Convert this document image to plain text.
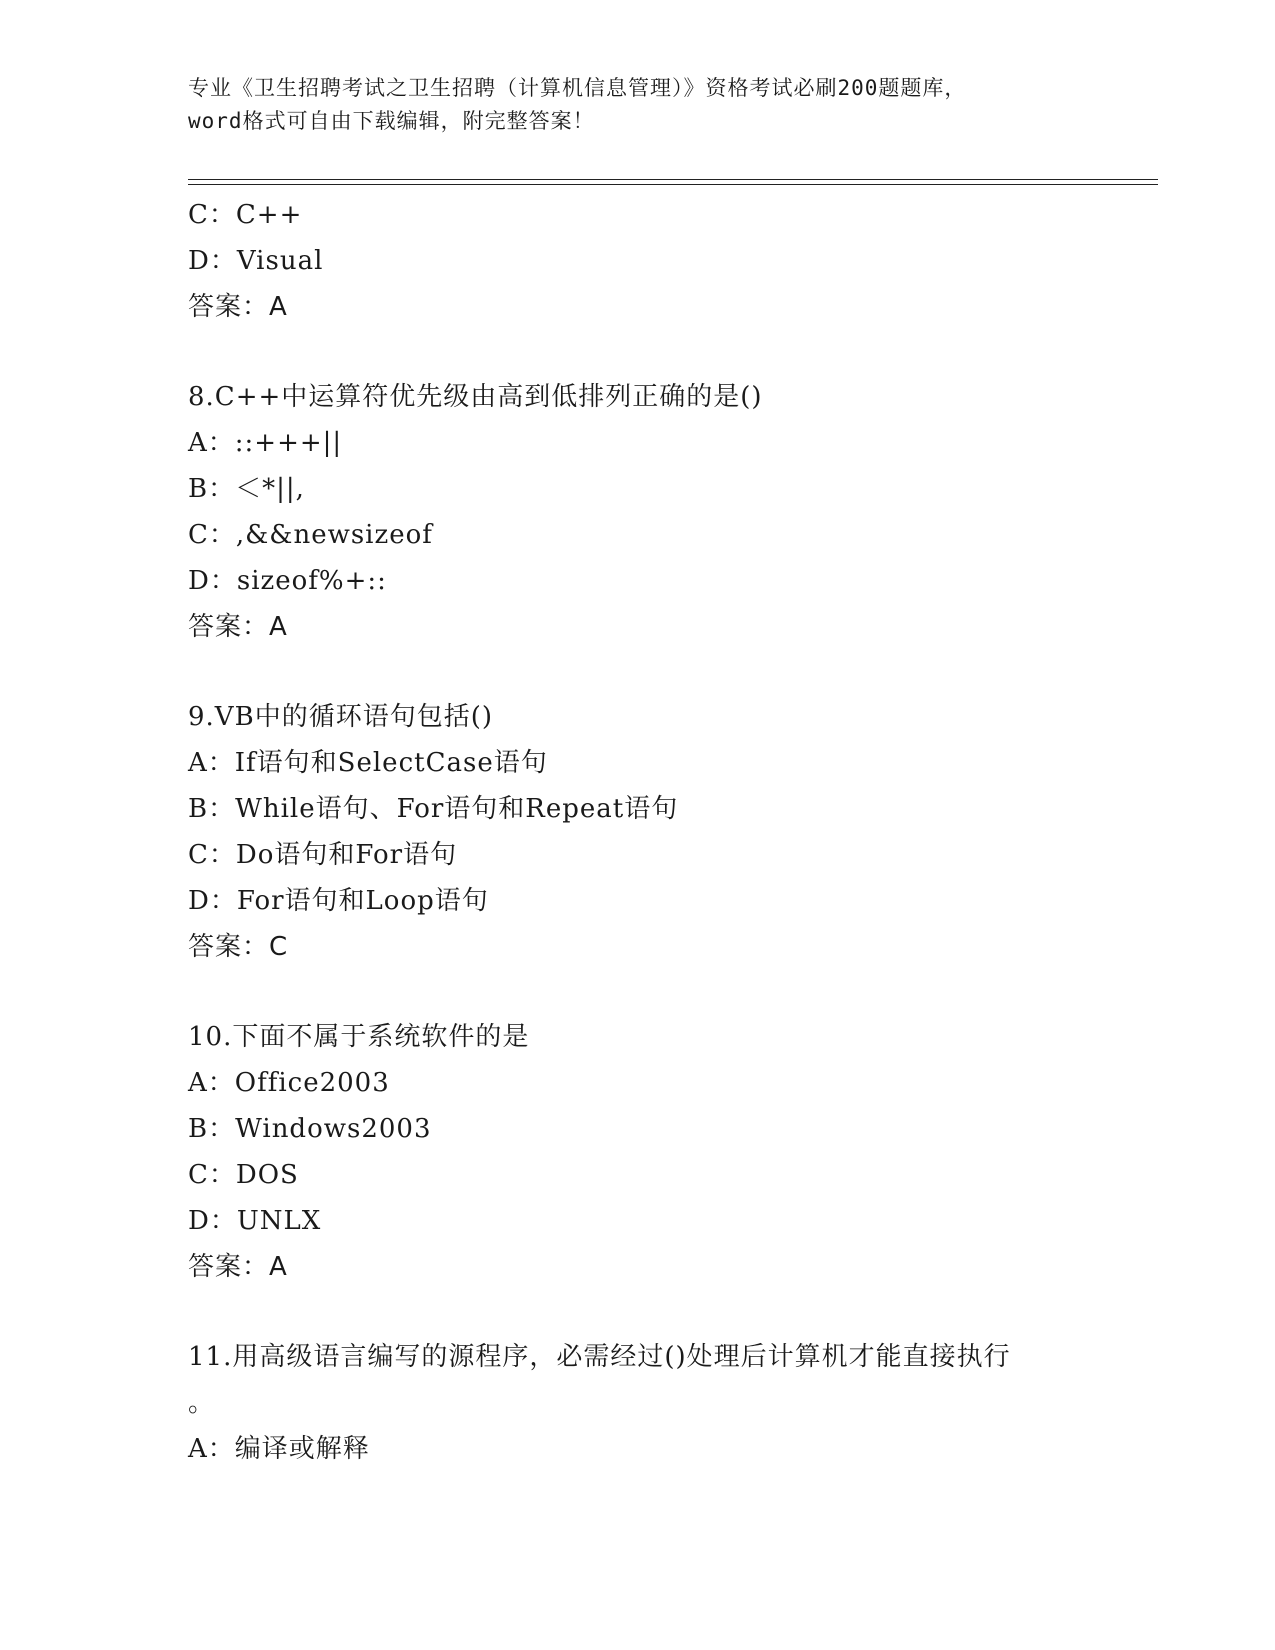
专业《卫生招聘考试之卫生招聘（计算机信息管理）》资格考试必刷200题题库，
word格式可自由下载编辑，附完整答案！
C：C++
D：Visual
答案：A
8.C++中运算符优先级由高到低排列正确的是()
A：::+++||
B：＜*||,
C：,&&newsizeof
D：sizeof%+::
答案：A
9.VB中的循环语句包括()
A：If语句和SelectCase语句
B：While语句、For语句和Repeat语句
C：Do语句和For语句
D：For语句和Loop语句
答案：C
10.下面不属于系统软件的是
A：Office2003
B：Windows2003
C：DOS
D：UNLX
答案：A
11.用高级语言编写的源程序，必需经过()处理后计算机才能直接执行
。
A：编译或解释
